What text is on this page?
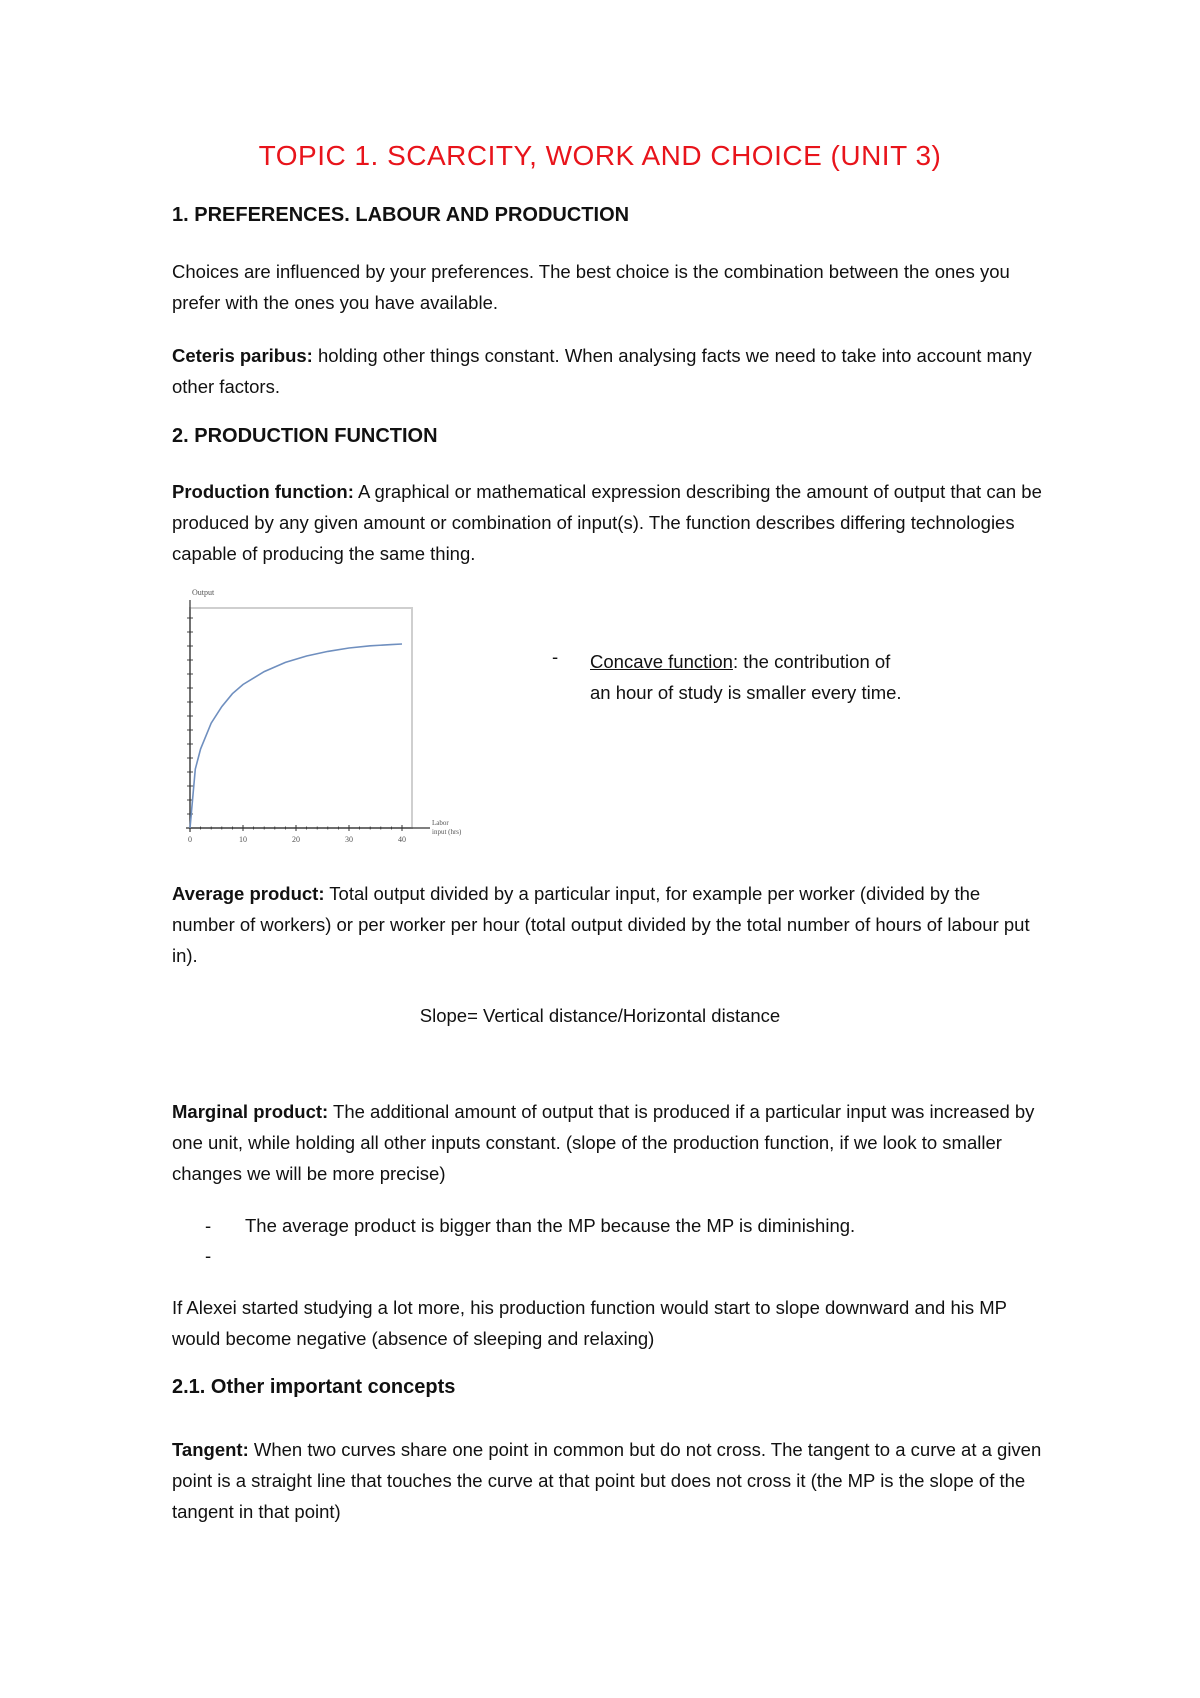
TOPIC 1. SCARCITY, WORK AND CHOICE (UNIT 3)
1. PREFERENCES. LABOUR AND PRODUCTION

Choices are influenced by your preferences. The best choice is the combination between the ones you prefer with the ones you have available.

Ceteris paribus: holding other things constant. When analysing facts we need to take into account many other factors.

2. PRODUCTION FUNCTION

Production function: A graphical or mathematical expression describing the amount of output that can be produced by any given amount or combination of input(s). The function describes differing technologies capable of producing the same thing.

Output
0	10	20	30	40
Labor input (hrs)
- Concave function: the contribution of an hour of study is smaller every time.

Average product: Total output divided by a particular input, for example per worker (divided by the number of workers) or per worker per hour (total output divided by the total number of hours of labour put in).

Slope= Vertical distance/Horizontal distance

Marginal product: The additional amount of output that is produced if a particular input was increased by one unit, while holding all other inputs constant. (slope of the production function, if we look to smaller changes we will be more precise)

- The average product is bigger than the MP because the MP is diminishing.

-

If Alexei started studying a lot more, his production function would start to slope downward and his MP would become negative (absence of sleeping and relaxing)

2.1. Other important concepts

Tangent: When two curves share one point in common but do not cross. The tangent to a curve at a given point is a straight line that touches the curve at that point but does not cross it (the MP is the slope of the tangent in that point)
